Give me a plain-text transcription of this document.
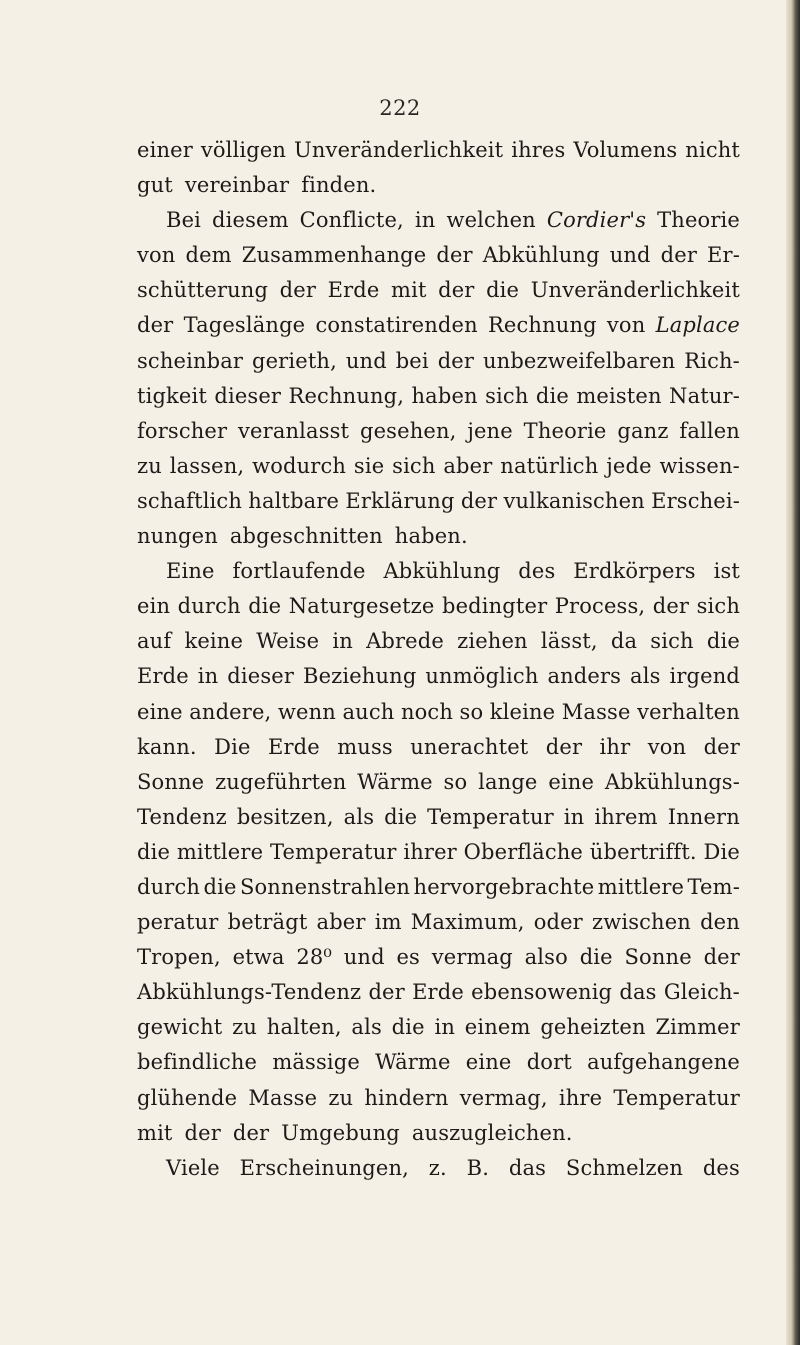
222
einer völligen Unveränderlichkeit ihres Volumens nicht
gut vereinbar finden.
Bei diesem Conflicte, in welchen Cordier's Theorie
von dem Zusammenhange der Abkühlung und der Er-
schütterung der Erde mit der die Unveränderlichkeit
der Tageslänge constatirenden Rechnung von Laplace
scheinbar gerieth, und bei der unbezweifelbaren Rich-
tigkeit dieser Rechnung, haben sich die meisten Natur-
forscher veranlasst gesehen, jene Theorie ganz fallen
zu lassen, wodurch sie sich aber natürlich jede wissen-
schaftlich haltbare Erklärung der vulkanischen Erschei-
nungen abgeschnitten haben.
Eine fortlaufende Abkühlung des Erdkörpers ist
ein durch die Naturgesetze bedingter Process, der sich
auf keine Weise in Abrede ziehen lässt, da sich die
Erde in dieser Beziehung unmöglich anders als irgend
eine andere, wenn auch noch so kleine Masse verhalten
kann. Die Erde muss unerachtet der ihr von der
Sonne zugeführten Wärme so lange eine Abkühlungs-
Tendenz besitzen, als die Temperatur in ihrem Innern
die mittlere Temperatur ihrer Oberfläche übertrifft. Die
durch die Sonnenstrahlen hervorgebrachte mittlere Tem-
peratur beträgt aber im Maximum, oder zwischen den
Tropen, etwa 28⁰ und es vermag also die Sonne der
Abkühlungs-Tendenz der Erde ebensowenig das Gleich-
gewicht zu halten, als die in einem geheizten Zimmer
befindliche mässige Wärme eine dort aufgehangene
glühende Masse zu hindern vermag, ihre Temperatur
mit der der Umgebung auszugleichen.
Viele Erscheinungen, z. B. das Schmelzen des
